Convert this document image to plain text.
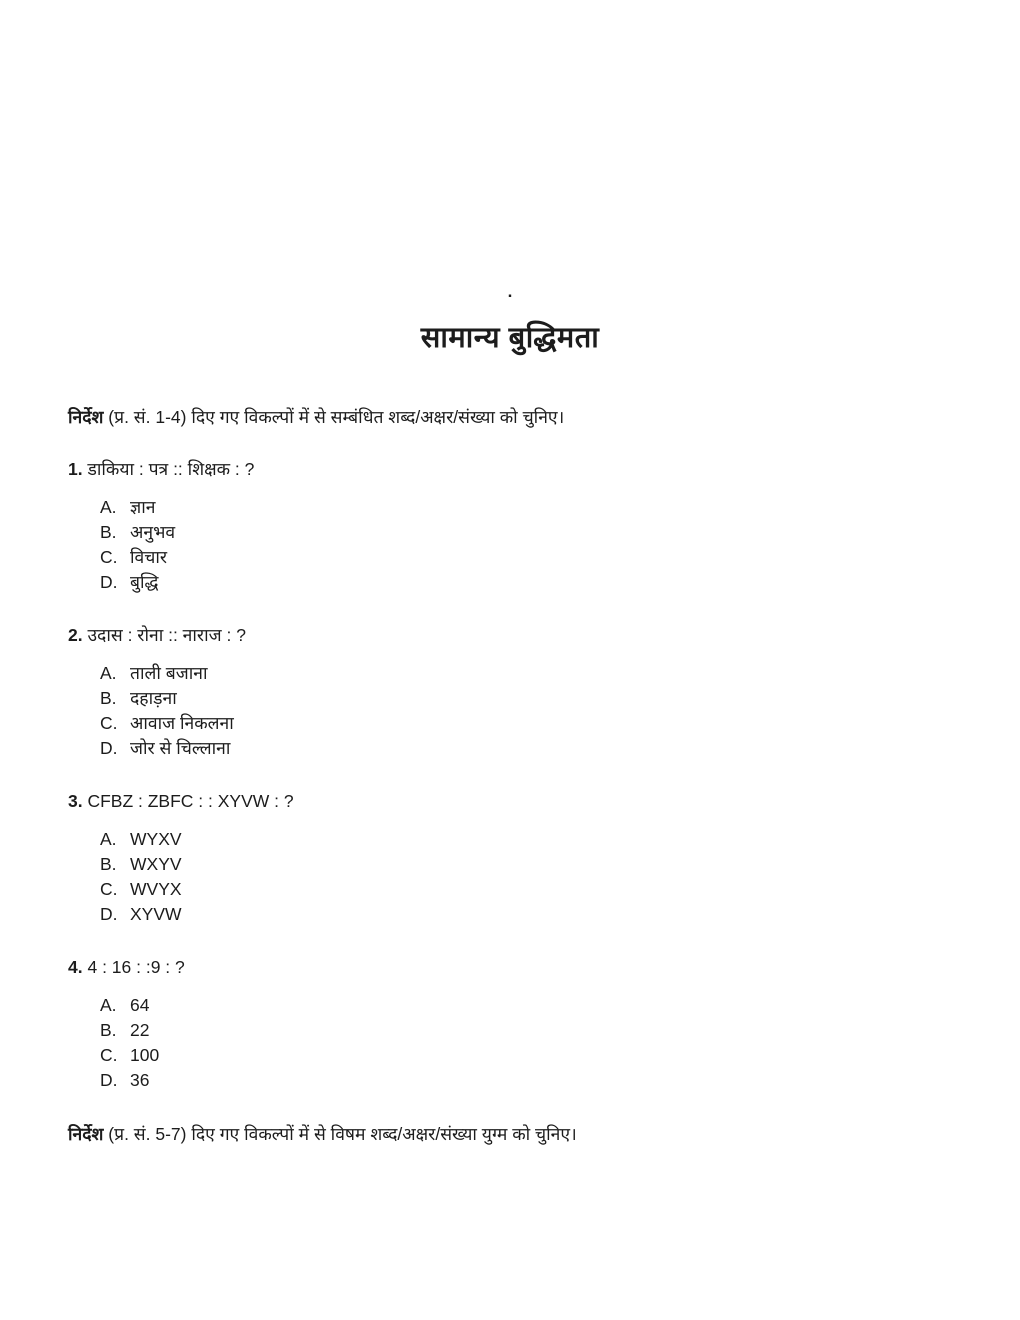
.
सामान्य बुद्धिमता
निर्देश (प्र. सं. 1-4) दिए गए विकल्पों में से सम्बंधित शब्द/अक्षर/संख्या को चुनिए।
1. डाकिया : पत्र :: शिक्षक : ?
A. ज्ञान
B. अनुभव
C. विचार
D. बुद्धि
2. उदास : रोना :: नाराज : ?
A. ताली बजाना
B. दहाड़ना
C. आवाज निकलना
D. जोर से चिल्लाना
3. CFBZ : ZBFC : : XYVW : ?
A. WYXV
B. WXYV
C. WVYX
D. XYVW
4. 4 : 16 : :9 : ?
A. 64
B. 22
C. 100
D. 36
निर्देश (प्र. सं. 5-7) दिए गए विकल्पों में से विषम शब्द/अक्षर/संख्या युग्म को चुनिए।
